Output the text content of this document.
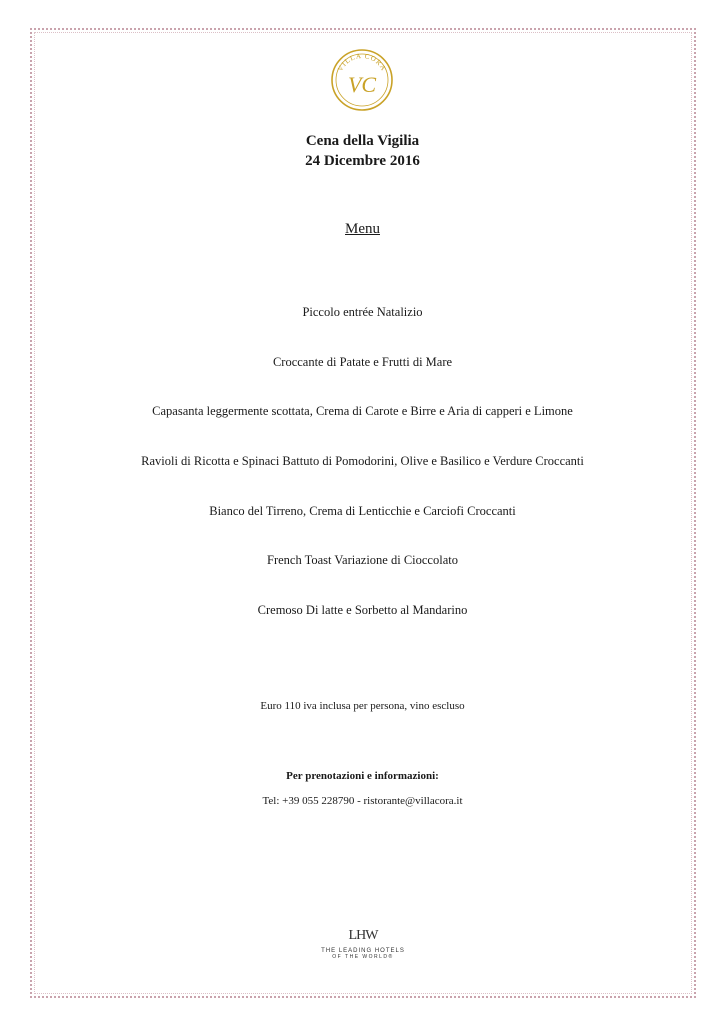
VILLA CORA
VC
Cena della Vigilia
24 Dicembre 2016
Menu
Piccolo entrée Natalizio
Croccante di Patate e Frutti di Mare
Capasanta leggermente scottata, Crema di Carote e Birre e Aria di capperi e Limone
Ravioli di Ricotta e Spinaci Battuto di Pomodorini, Olive e Basilico e Verdure Croccanti
Bianco del Tirreno, Crema di Lenticchie e Carciofi Croccanti
French Toast Variazione di Cioccolato
Cremoso Di latte e Sorbetto al Mandarino
Euro 110 iva inclusa per persona, vino escluso
Per prenotazioni e informazioni:
Tel: +39 055 228790 - ristorante@villacora.it
LHW
THE LEADING HOTELS
OF THE WORLD®
